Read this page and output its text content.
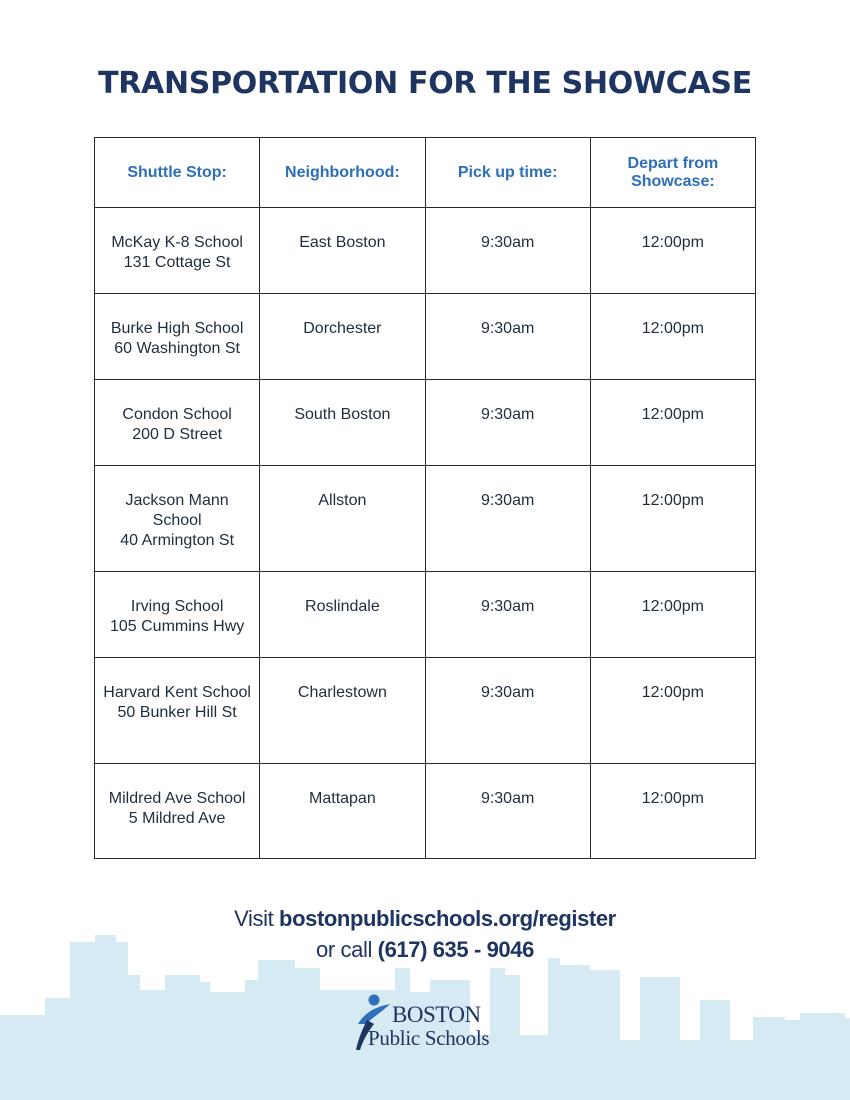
TRANSPORTATION FOR THE SHOWCASE
Shuttle Stop:	Neighborhood:	Pick up time:	Depart from Showcase:
McKay K-8 School
131 Cottage St	East Boston	9:30am	12:00pm
Burke High School
60 Washington St	Dorchester	9:30am	12:00pm
Condon School
200 D Street	South Boston	9:30am	12:00pm
Jackson Mann School
40 Armington St	Allston	9:30am	12:00pm
Irving School
105 Cummins Hwy	Roslindale	9:30am	12:00pm
Harvard Kent School
50 Bunker Hill St	Charlestown	9:30am	12:00pm
Mildred Ave School
5 Mildred Ave	Mattapan	9:30am	12:00pm
Visit bostonpublicschools.org/register
or call (617) 635 - 9046
BOSTON
Public Schools
